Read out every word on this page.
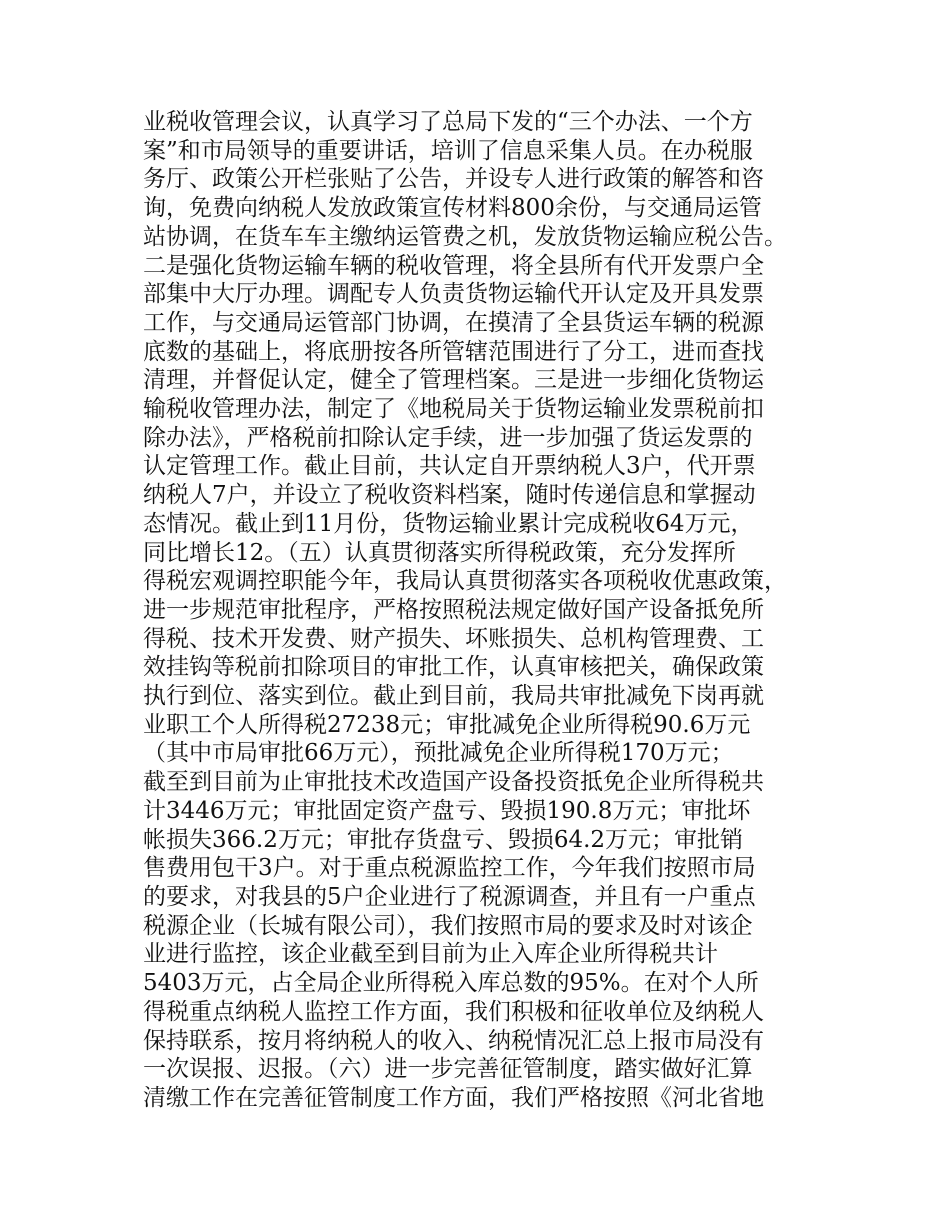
业税收管理会议，认真学习了总局下发的“三个办法、一个方
案”和市局领导的重要讲话，培训了信息采集人员。在办税服
务厅、政策公开栏张贴了公告，并设专人进行政策的解答和咨
询，免费向纳税人发放政策宣传材料800余份，与交通局运管
站协调，在货车车主缴纳运管费之机，发放货物运输应税公告。
二是强化货物运输车辆的税收管理，将全县所有代开发票户全
部集中大厅办理。调配专人负责货物运输代开认定及开具发票
工作，与交通局运管部门协调，在摸清了全县货运车辆的税源
底数的基础上，将底册按各所管辖范围进行了分工，进而查找
清理，并督促认定，健全了管理档案。三是进一步细化货物运
输税收管理办法，制定了《地税局关于货物运输业发票税前扣
除办法》，严格税前扣除认定手续，进一步加强了货运发票的
认定管理工作。截止目前，共认定自开票纳税人3户，代开票
纳税人7户，并设立了税收资料档案，随时传递信息和掌握动
态情况。截止到11月份，货物运输业累计完成税收64万元，
同比增长12。（五）认真贯彻落实所得税政策，充分发挥所
得税宏观调控职能今年，我局认真贯彻落实各项税收优惠政策，
进一步规范审批程序，严格按照税法规定做好国产设备抵免所
得税、技术开发费、财产损失、坏账损失、总机构管理费、工
效挂钩等税前扣除项目的审批工作，认真审核把关，确保政策
执行到位、落实到位。截止到目前，我局共审批减免下岗再就
业职工个人所得税27238元；审批减免企业所得税90.6万元
（其中市局审批66万元），预批减免企业所得税170万元；
截至到目前为止审批技术改造国产设备投资抵免企业所得税共
计3446万元；审批固定资产盘亏、毁损190.8万元；审批坏
帐损失366.2万元；审批存货盘亏、毁损64.2万元；审批销
售费用包干3户。对于重点税源监控工作，今年我们按照市局
的要求，对我县的5户企业进行了税源调查，并且有一户重点
税源企业（长城有限公司），我们按照市局的要求及时对该企
业进行监控，该企业截至到目前为止入库企业所得税共计
5403万元，占全局企业所得税入库总数的95%。在对个人所
得税重点纳税人监控工作方面，我们积极和征收单位及纳税人
保持联系，按月将纳税人的收入、纳税情况汇总上报市局没有
一次误报、迟报。（六）进一步完善征管制度，踏实做好汇算
清缴工作在完善征管制度工作方面，我们严格按照《河北省地
